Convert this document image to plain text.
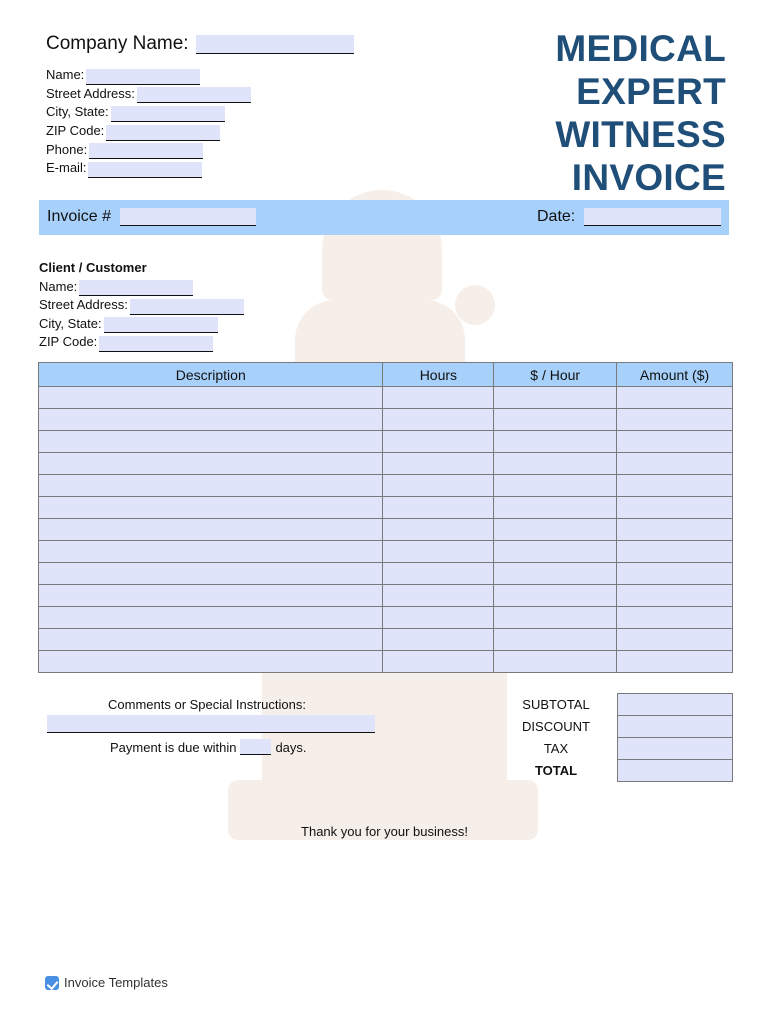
Company Name:
Name:
Street Address:
City, State:
ZIP Code:
Phone:
E-mail:
MEDICAL
EXPERT
WITNESS
INVOICE
Invoice #	Date:
Client / Customer
Name:
Street Address:
City, State:
ZIP Code:
Description	Hours	$ / Hour	Amount ($)

Comments or Special Instructions:
Payment is due within	days.
SUBTOTAL
DISCOUNT
TAX
TOTAL
Thank you for your business!
Invoice Templates
